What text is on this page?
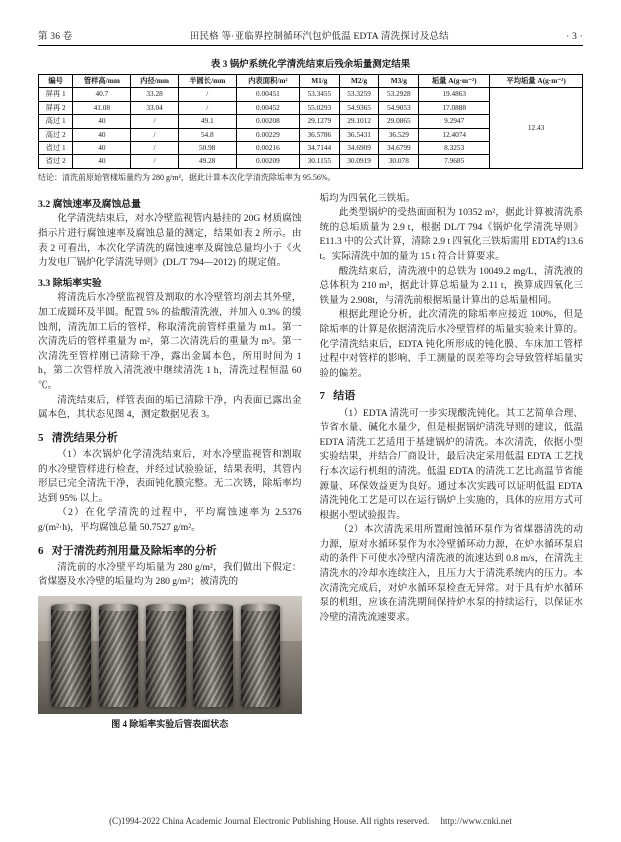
第 36 卷	田民格 等·亚临界控制循环汽包炉低温 EDTA 清洗探讨及总结	· 3 ·
表 3 锅炉系统化学清洗结束后残余垢量测定结果
编号	管样高/mm	内径/mm	半圆长/mm	内表面积/m²	M1/g	M2/g	M3/g	垢量 A(g·m⁻²)	平均垢量 A(g·m⁻²)
屏再 1	40.7	33.28	/	0.00451	53.3455	53.3259	53.2928	19.4863	12.43
屏再 2	41.08	33.04	/	0.00452	55.0293	54.9365	54.9053	17.0888	
高过 1	40	/	49.1	0.00208	29.1279	29.1012	29.0865	9.2947	
高过 2	40	/	54.8	0.00229	36.5786	36.5431	36.529	12.4074	
省过 1	40	/	50.98	0.00216	34.7144	34.6909	34.6799	8.3253	
省过 2	40	/	49.28	0.00209	30.1155	30.0919	30.078	7.9685	
结论：清洗前原始管樣垢量约为 280 g/m²，据此计算本次化学清洗除垢率为 95.56%。
3.2 腐蚀速率及腐蚀总量

化学清洗结束后，对水冷壁监视管内悬挂的 20G 材质腐蚀指示片进行腐蚀速率及腐蚀总量的测定，结果如表 2 所示。由表 2 可看出，本次化学清洗的腐蚀速率及腐蚀总量均小于《火力发电厂锅炉化学清洗导则》(DL/T 794—2012) 的规定值。

3.3 除垢率实验

将清洗后水冷壁监视管及割取的水冷壁管均剖去其外壁，加工成圆环及半圆。配置 5% 的盐酸清洗液，并加入 0.3% 的缓蚀剂，清洗加工后的管样，称取清洗前管样重量为 m1。第一次清洗后的管样重量为 m²，第二次清洗后的重量为 m³。第一次清洗至管样刚已清除干净，露出金属本色，所用时间为 1 h，第二次管样放入清洗液中继续清洗 1 h，清洗过程恒温 60 ℃。

清洗结束后，样管表面的垢已清除干净，内表面已露出金属本色，其状态见图 4，测定数据见表 3。

5 清洗结果分析

（1）本次锅炉化学清洗结束后，对水冷壁监视管和割取的水冷壁管样进行检查，并经过试验验证，结果表明，其管内形层已完全清洗干净，表面钝化膜完整。无二次锈，除垢率均达到 95% 以上。

（2）在化学清洗的过程中，平均腐蚀速率为 2.5376 g/(m²·h)，平均腐蚀总量 50.7527 g/m²。

6 对于清洗药剂用量及除垢率的分析

清洗前的水冷壁平均垢量为 280 g/m²，我们做出下假定：省煤器及水冷壁的垢量均为 280 g/m²；被清洗的

图 4 除垢率实验后管表面状态

垢均为四氧化三铁垢。

此类型锅炉的受热面面积为 10352 m²，据此计算被清洗系统的总垢质量为 2.9 t，根据 DL/T 794《锅炉化学清洗导则》E11.3 中的公式计算，清除 2.9 t 四氧化三铁垢需用 EDTA约13.6 t。实际清洗中加的量为 15 t 符合计算要求。

酸洗结束后，清洗液中的总铁为 10049.2 mg/L，清洗液的总体积为 210 m³，据此计算总垢量为 2.11 t，换算成四氧化三铁量为 2.908t，与清洗前根据垢量计算出的总垢量相同。

根据此理论分析，此次清洗的除垢率应接近 100%，但是除垢率的计算是依据清洗后水冷壁管样的垢量实验来计算的。化学清洗结束后，EDTA 钝化所形成的钝化膜、车床加工管样过程中对管样的影响、手工测量的误差等均会导致管样垢量实验的偏差。

7 结语

（1）EDTA 清洗可一步实现酸洗钝化。其工艺简单合理、节省水量、碱化水量少，但是根据锅炉清洗导则的建议，低温 EDTA 清洗工艺适用于基建锅炉的清洗。本次清洗，依据小型实验结果，并结合厂商设计，最后决定采用低温 EDTA 工艺找行本次运行机组的清洗。低温 EDTA 的清洗工艺比高温节省能源量、环保效益更为良好。通过本次实践可以证明低温 EDTA 清洗钝化工艺是可以在运行锅炉上实施的，具体的应用方式可根据小型试验报告。

（2）本次清洗采用所置耐蚀循环泵作为省煤器清洗的动力源，原对水循环泵作为水冷壁循环动力源，在炉水循环泵启动的条件下可使水冷壁内清洗液的流速达到 0.8 m/s，在清洗主清洗水的冷却水连续注入，且压力大于清洗系统内的压力。本次清洗完成后，对炉水循环泵检查无异常。对于具有炉水循环泵的机组，应该在清洗期间保持炉水泵的持续运行，以保证水冷壁的清洗流速要求。

(C)1994-2022 China Academic Journal Electronic Publishing House. All rights reserved. http://www.cnki.net
